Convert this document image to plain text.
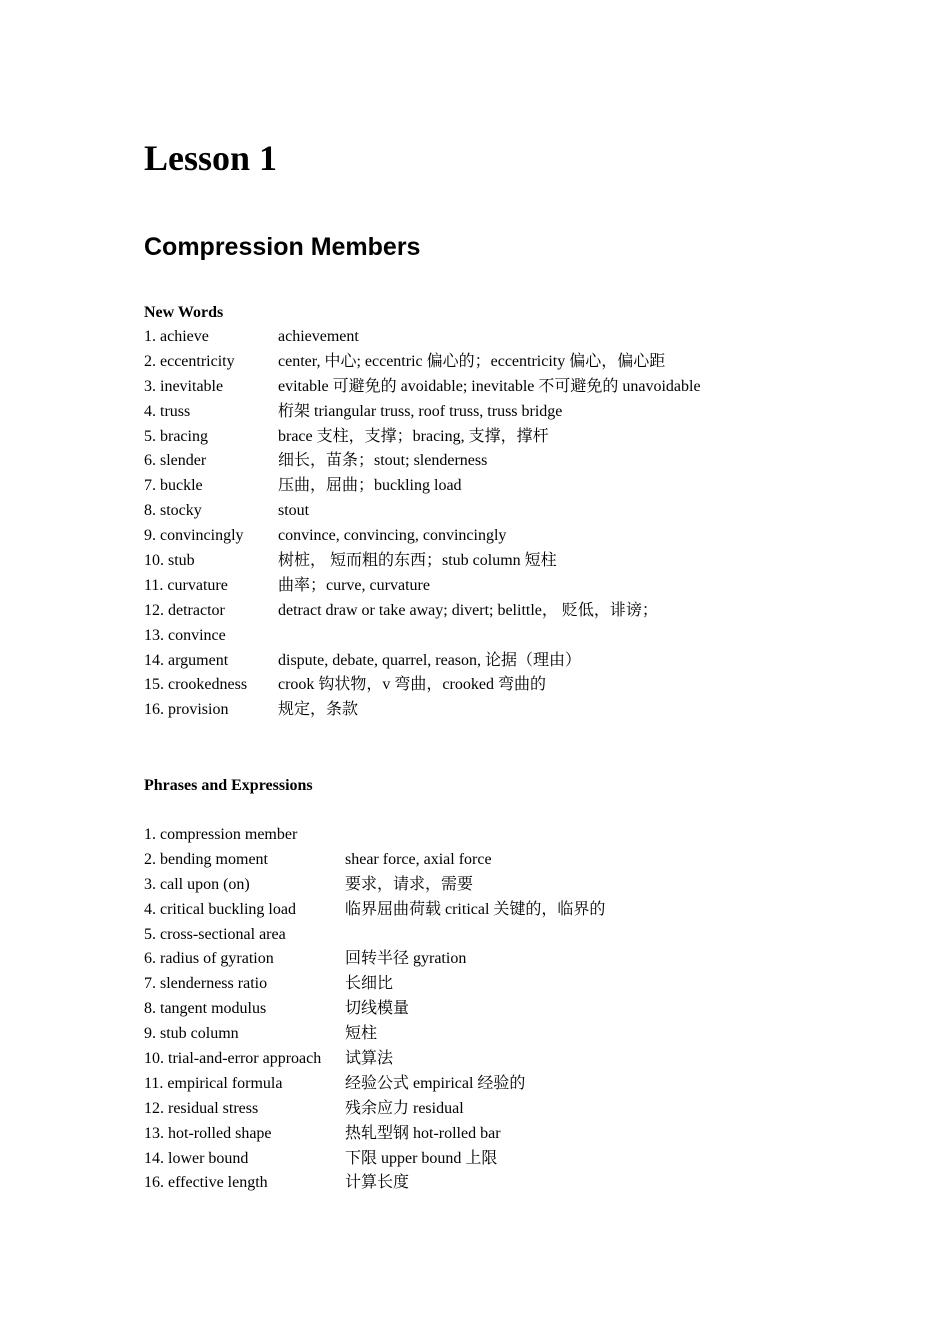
Lesson 1
Compression Members
New Words
1. achieve	achievement
2. eccentricity	center, 中心; eccentric 偏心的；eccentricity 偏心，偏心距
3. inevitable	evitable 可避免的 avoidable; inevitable 不可避免的 unavoidable
4. truss	桁架 triangular truss, roof truss, truss bridge
5. bracing	brace 支柱，支撑；bracing, 支撑，撑杆
6. slender	细长，苗条；stout; slenderness
7. buckle	压曲，屈曲；buckling load
8. stocky	stout
9. convincingly	convince, convincing, convincingly
10. stub	树桩， 短而粗的东西；stub column 短柱
11. curvature	曲率；curve, curvature
12. detractor	detract draw or take away; divert; belittle， 贬低，诽谤；
13. convince
14. argument	dispute, debate, quarrel, reason, 论据（理由）
15. crookedness	crook 钩状物，v 弯曲，crooked 弯曲的
16. provision	规定，条款
Phrases and Expressions
1. compression member
2. bending moment	shear force, axial force
3. call upon (on)	要求，请求，需要
4. critical buckling load	临界屈曲荷载 critical 关键的，临界的
5. cross-sectional area
6. radius of gyration	回转半径 gyration
7. slenderness ratio	长细比
8. tangent modulus	切线模量
9. stub column	短柱
10. trial-and-error approach	试算法
11. empirical formula	经验公式 empirical 经验的
12. residual stress	残余应力 residual
13. hot-rolled shape	热轧型钢 hot-rolled bar
14. lower bound	下限 upper bound 上限
16. effective length	计算长度
